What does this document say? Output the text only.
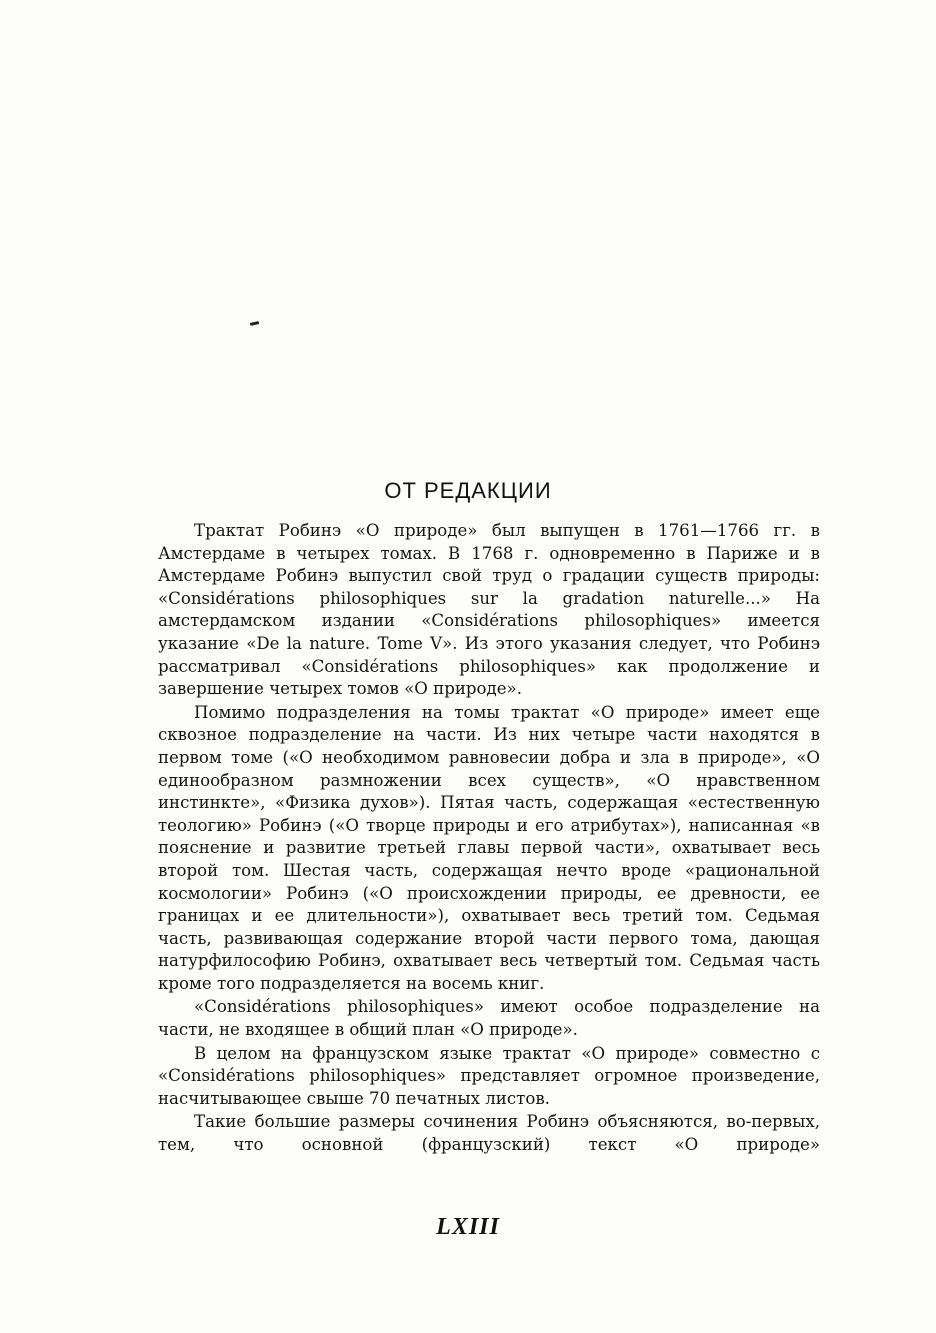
ОТ РЕДАКЦИИ

Трактат Робинэ «О природе» был выпущен в 1761—1766 гг. в Амстердаме в четырех томах. В 1768 г. одновременно в Париже и в Амстердаме Робинэ выпустил свой труд о градации существ природы: «Considérations philosophiques sur la gradation naturelle...» На амстердамском издании «Considérations philosophiques» имеется указание «De la nature. Tome V». Из этого указания следует, что Робинэ рассматривал «Considérations philosophiques» как продолжение и завершение четырех томов «О природе».

Помимо подразделения на томы трактат «О природе» имеет еще сквозное подразделение на части. Из них четыре части находятся в первом томе («О необходимом равновесии добра и зла в природе», «О единообразном размножении всех существ», «О нравственном инстинкте», «Физика духов»). Пятая часть, содержащая «естественную теологию» Робинэ («О творце природы и его атрибутах»), написанная «в пояснение и развитие третьей главы первой части», охватывает весь второй том. Шестая часть, содержащая нечто вроде «рациональной космологии» Робинэ («О происхождении природы, ее древности, ее границах и ее длительности»), охватывает весь третий том. Седьмая часть, развивающая содержание второй части первого тома, дающая натурфилософию Робинэ, охватывает весь четвертый том. Седьмая часть кроме того подразделяется на восемь книг.

«Considérations philosophiques» имеют особое подразделение на части, не входящее в общий план «О природе».

В целом на французском языке трактат «О природе» совместно с «Considérations philosophiques» представляет огромное произведение, насчитывающее свыше 70 печатных листов.

Такие большие размеры сочинения Робинэ объясняются, во-первых, тем, что основной (французский) текст «О природе»

LXIII
